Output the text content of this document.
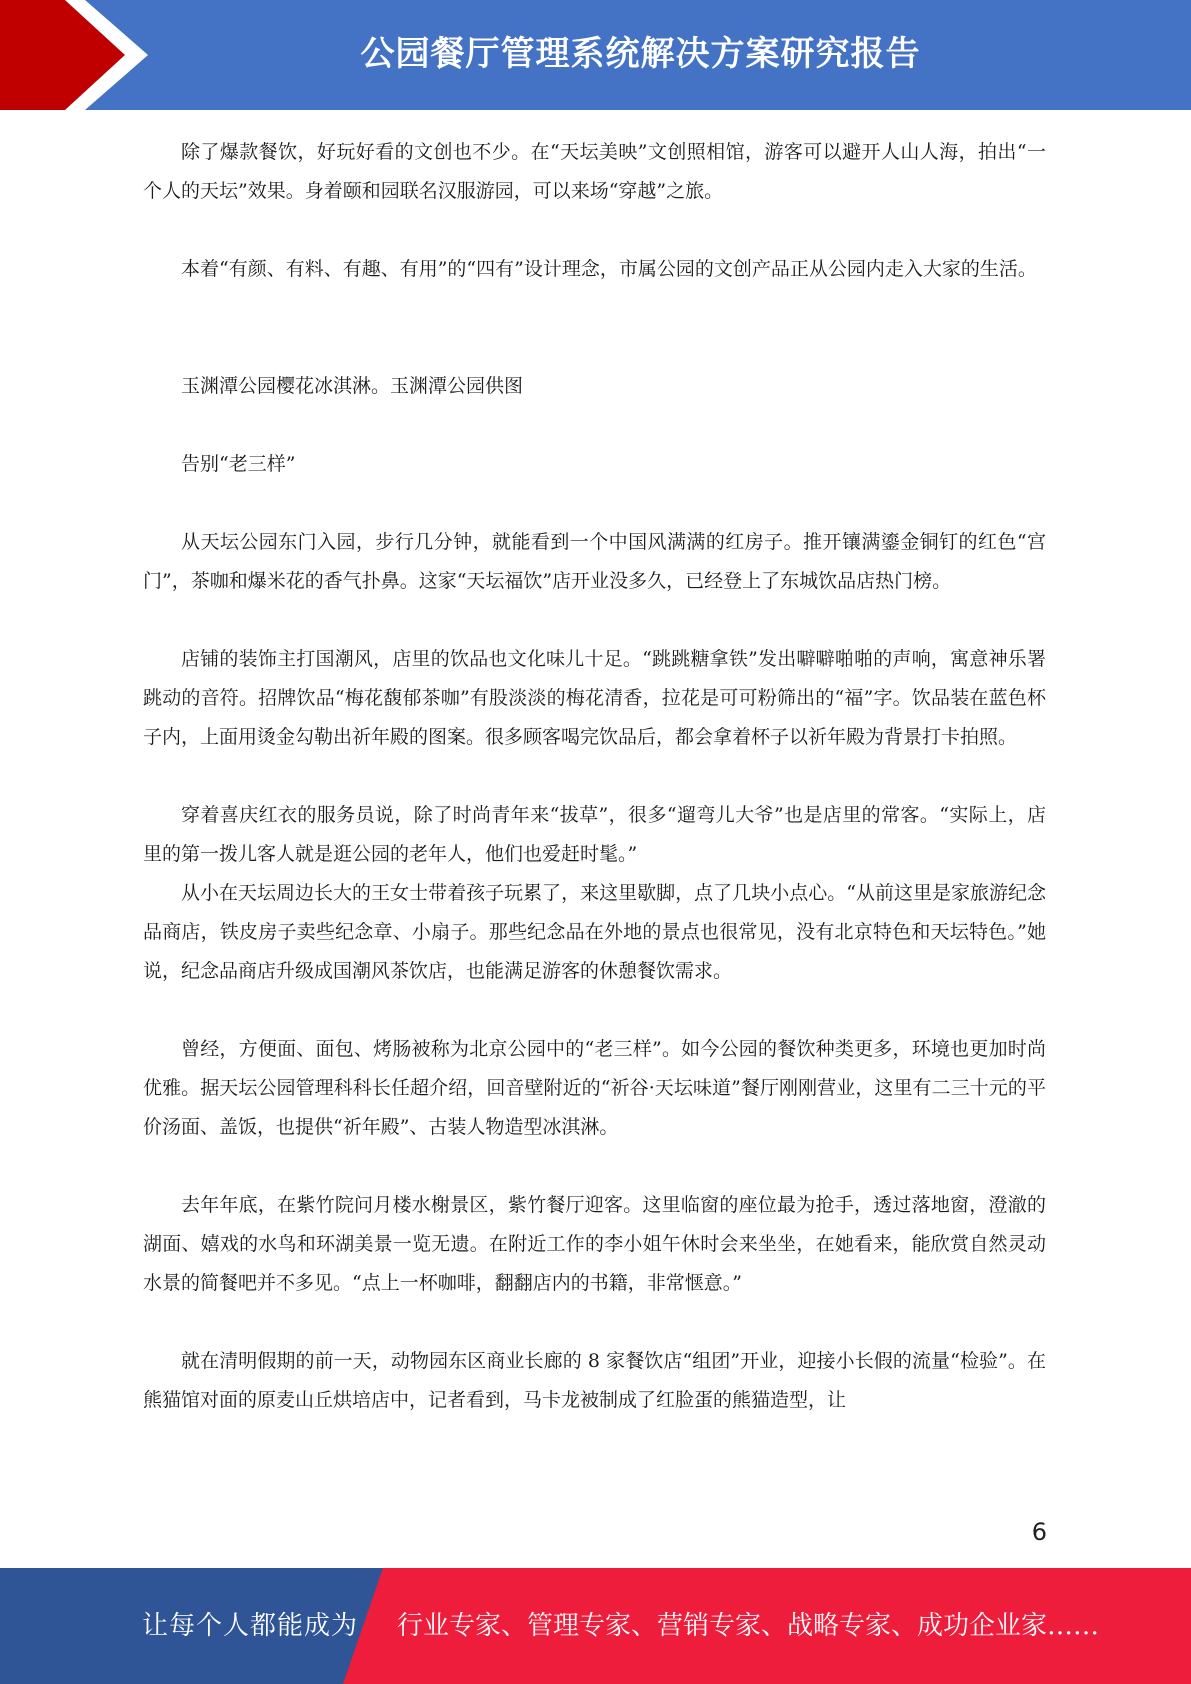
公园餐厅管理系统解决方案研究报告

除了爆款餐饮，好玩好看的文创也不少。在“天坛美映”文创照相馆，游客可以避开人山人海，拍出“一个人的天坛”效果。身着颐和园联名汉服游园，可以来场“穿越”之旅。

本着“有颜、有料、有趣、有用”的“四有”设计理念，市属公园的文创产品正从公园内走入大家的生活。

玉渊潭公园樱花冰淇淋。玉渊潭公园供图

告别“老三样”

从天坛公园东门入园，步行几分钟，就能看到一个中国风满满的红房子。推开镶满鎏金铜钉的红色“宫门”，茶咖和爆米花的香气扑鼻。这家“天坛福饮”店开业没多久，已经登上了东城饮品店热门榜。

店铺的装饰主打国潮风，店里的饮品也文化味儿十足。“跳跳糖拿铁”发出噼噼啪啪的声响，寓意神乐署跳动的音符。招牌饮品“梅花馥郁茶咖”有股淡淡的梅花清香，拉花是可可粉筛出的“福”字。饮品装在蓝色杯子内，上面用烫金勾勒出祈年殿的图案。很多顾客喝完饮品后，都会拿着杯子以祈年殿为背景打卡拍照。

穿着喜庆红衣的服务员说，除了时尚青年来“拔草”，很多“遛弯儿大爷”也是店里的常客。“实际上，店里的第一拨儿客人就是逛公园的老年人，他们也爱赶时髦。”

从小在天坛周边长大的王女士带着孩子玩累了，来这里歇脚，点了几块小点心。“从前这里是家旅游纪念品商店，铁皮房子卖些纪念章、小扇子。那些纪念品在外地的景点也很常见，没有北京特色和天坛特色。”她说，纪念品商店升级成国潮风茶饮店，也能满足游客的休憩餐饮需求。

曾经，方便面、面包、烤肠被称为北京公园中的“老三样”。如今公园的餐饮种类更多，环境也更加时尚优雅。据天坛公园管理科科长任超介绍，回音壁附近的“祈谷·天坛味道”餐厅刚刚营业，这里有二三十元的平价汤面、盖饭，也提供“祈年殿”、古装人物造型冰淇淋。

去年年底，在紫竹院问月楼水榭景区，紫竹餐厅迎客。这里临窗的座位最为抢手，透过落地窗，澄澈的湖面、嬉戏的水鸟和环湖美景一览无遗。在附近工作的李小姐午休时会来坐坐，在她看来，能欣赏自然灵动水景的简餐吧并不多见。“点上一杯咖啡，翻翻店内的书籍，非常惬意。”

就在清明假期的前一天，动物园东区商业长廊的 8 家餐饮店“组团”开业，迎接小长假的流量“检验”。在熊猫馆对面的原麦山丘烘培店中，记者看到，马卡龙被制成了红脸蛋的熊猫造型，让

6
让每个人都能成为 行业专家、管理专家、营销专家、战略专家、成功企业家……
